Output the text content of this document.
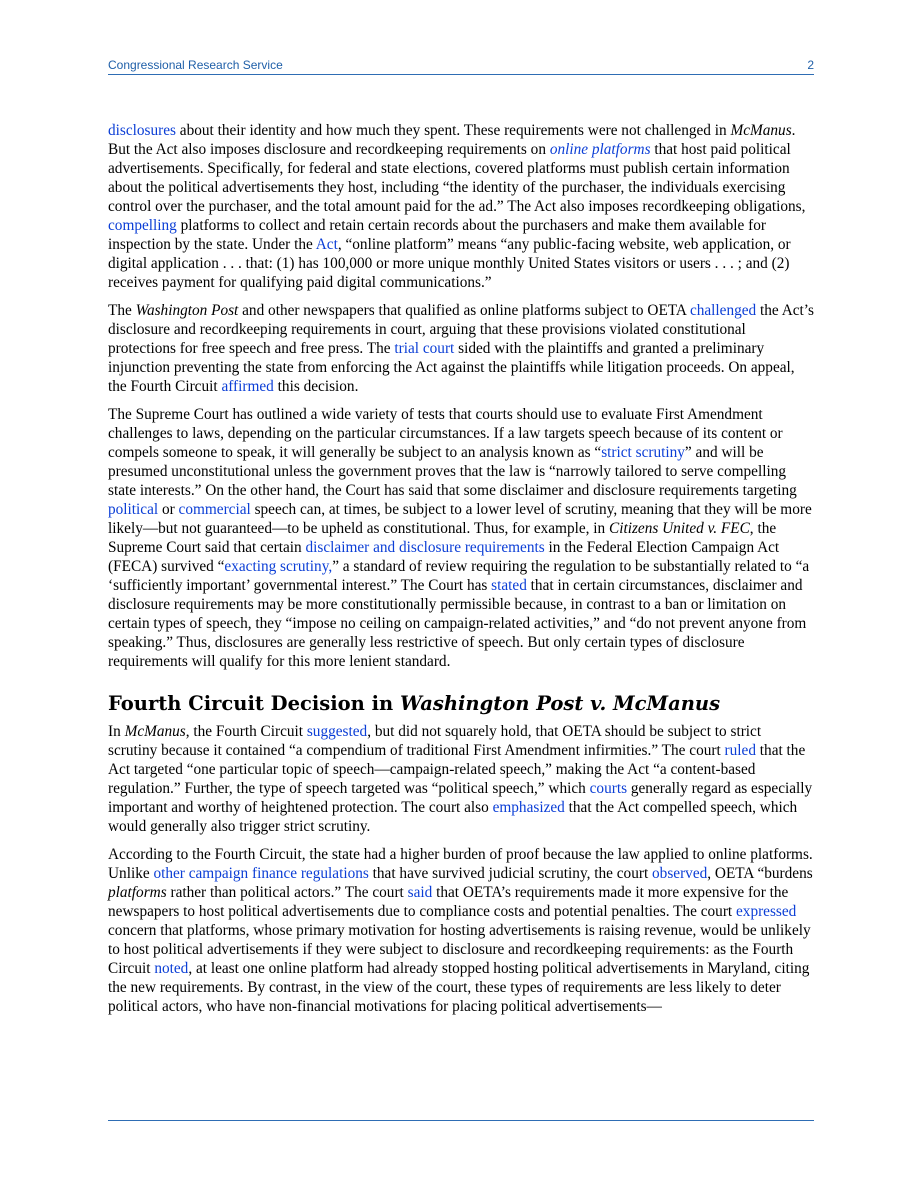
Congressional Research Service	2

disclosures about their identity and how much they spent. These requirements were not challenged in McManus. But the Act also imposes disclosure and recordkeeping requirements on online platforms that host paid political advertisements. Specifically, for federal and state elections, covered platforms must publish certain information about the political advertisements they host, including “the identity of the purchaser, the individuals exercising control over the purchaser, and the total amount paid for the ad.” The Act also imposes recordkeeping obligations, compelling platforms to collect and retain certain records about the purchasers and make them available for inspection by the state. Under the Act, “online platform” means “any public-facing website, web application, or digital application . . . that: (1) has 100,000 or more unique monthly United States visitors or users . . . ; and (2) receives payment for qualifying paid digital communications.”

The Washington Post and other newspapers that qualified as online platforms subject to OETA challenged the Act’s disclosure and recordkeeping requirements in court, arguing that these provisions violated constitutional protections for free speech and free press. The trial court sided with the plaintiffs and granted a preliminary injunction preventing the state from enforcing the Act against the plaintiffs while litigation proceeds. On appeal, the Fourth Circuit affirmed this decision.

The Supreme Court has outlined a wide variety of tests that courts should use to evaluate First Amendment challenges to laws, depending on the particular circumstances. If a law targets speech because of its content or compels someone to speak, it will generally be subject to an analysis known as “strict scrutiny” and will be presumed unconstitutional unless the government proves that the law is “narrowly tailored to serve compelling state interests.” On the other hand, the Court has said that some disclaimer and disclosure requirements targeting political or commercial speech can, at times, be subject to a lower level of scrutiny, meaning that they will be more likely—but not guaranteed—to be upheld as constitutional. Thus, for example, in Citizens United v. FEC, the Supreme Court said that certain disclaimer and disclosure requirements in the Federal Election Campaign Act (FECA) survived “exacting scrutiny,” a standard of review requiring the regulation to be substantially related to “a ‘sufficiently important’ governmental interest.” The Court has stated that in certain circumstances, disclaimer and disclosure requirements may be more constitutionally permissible because, in contrast to a ban or limitation on certain types of speech, they “impose no ceiling on campaign-related activities,” and “do not prevent anyone from speaking.” Thus, disclosures are generally less restrictive of speech. But only certain types of disclosure requirements will qualify for this more lenient standard.

Fourth Circuit Decision in Washington Post v. McManus

In McManus, the Fourth Circuit suggested, but did not squarely hold, that OETA should be subject to strict scrutiny because it contained “a compendium of traditional First Amendment infirmities.” The court ruled that the Act targeted “one particular topic of speech—campaign-related speech,” making the Act “a content-based regulation.” Further, the type of speech targeted was “political speech,” which courts generally regard as especially important and worthy of heightened protection. The court also emphasized that the Act compelled speech, which would generally also trigger strict scrutiny.

According to the Fourth Circuit, the state had a higher burden of proof because the law applied to online platforms. Unlike other campaign finance regulations that have survived judicial scrutiny, the court observed, OETA “burdens platforms rather than political actors.” The court said that OETA’s requirements made it more expensive for the newspapers to host political advertisements due to compliance costs and potential penalties. The court expressed concern that platforms, whose primary motivation for hosting advertisements is raising revenue, would be unlikely to host political advertisements if they were subject to disclosure and recordkeeping requirements: as the Fourth Circuit noted, at least one online platform had already stopped hosting political advertisements in Maryland, citing the new requirements. By contrast, in the view of the court, these types of requirements are less likely to deter political actors, who have non-financial motivations for placing political advertisements—
